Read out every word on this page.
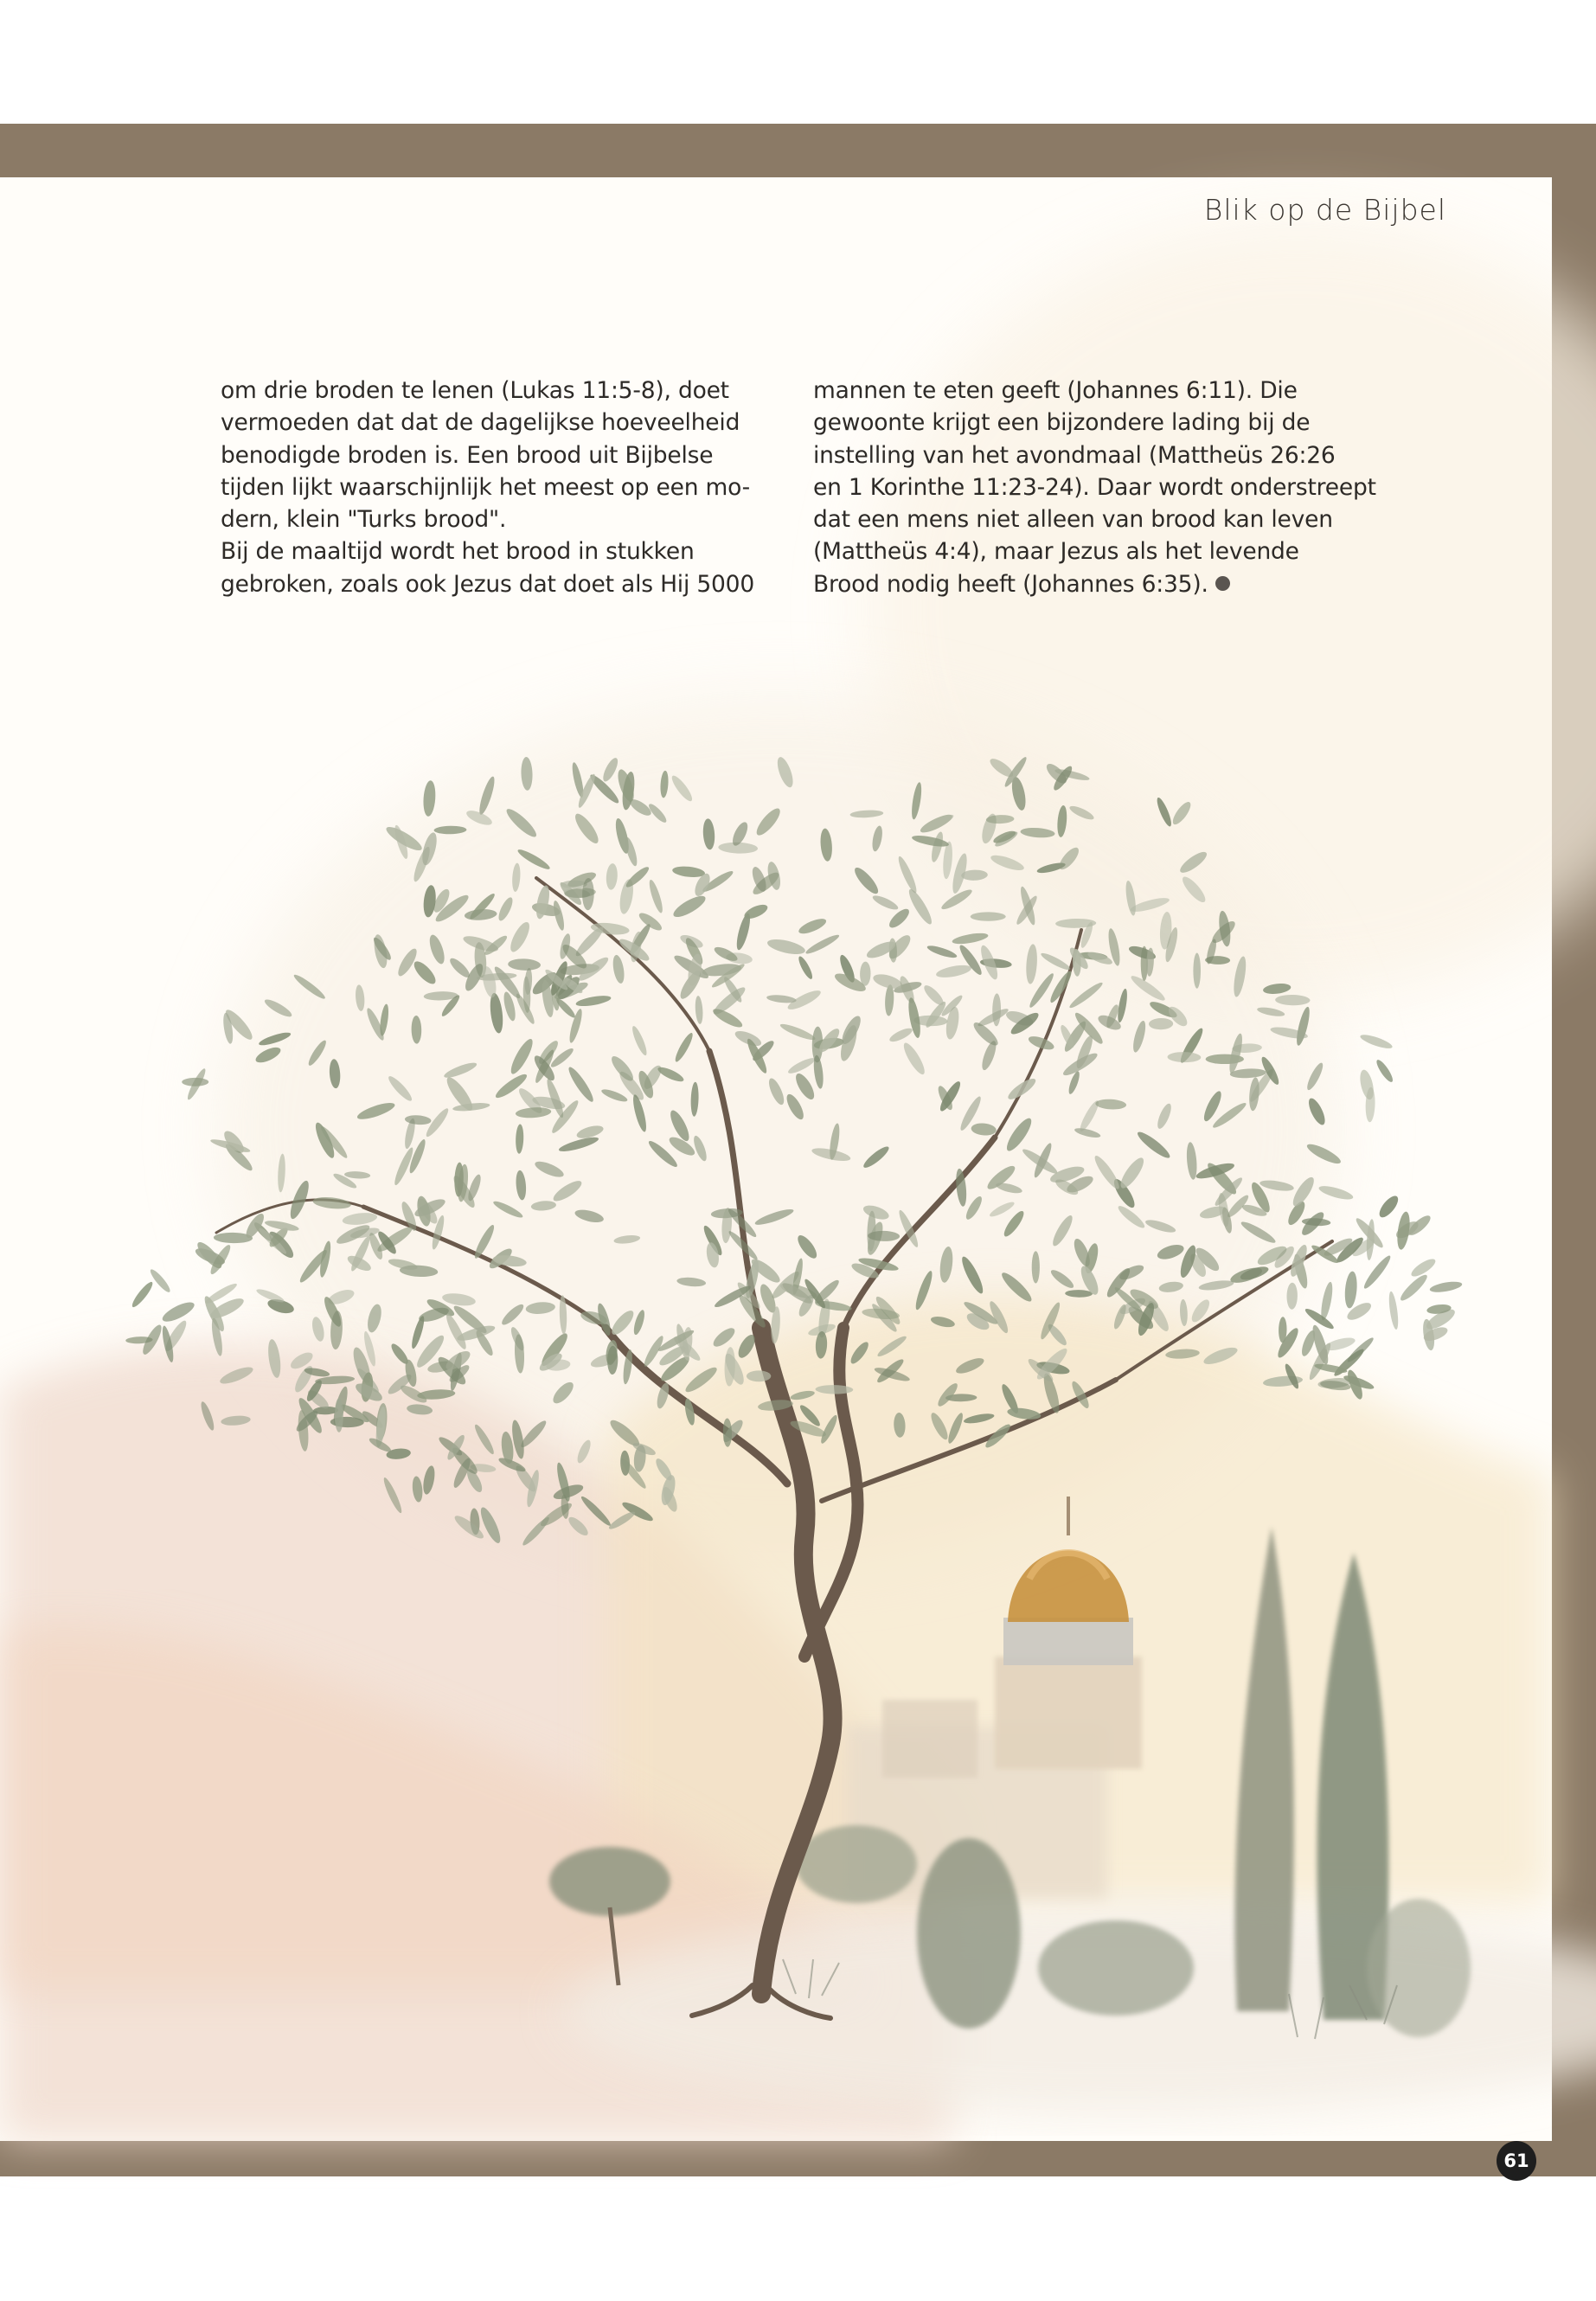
Blik op de Bijbel

om drie broden te lenen (Lukas 11:5-8), doet

vermoeden dat dat de dagelijkse hoeveelheid

benodigde broden is. Een brood uit Bijbelse

tijden lijkt waarschijnlijk het meest op een mo-

dern, klein "Turks brood".

Bij de maaltijd wordt het brood in stukken

gebroken, zoals ook Jezus dat doet als Hij 5000

mannen te eten geeft (Johannes 6:11). Die

gewoonte krijgt een bijzondere lading bij de

instelling van het avondmaal (Mattheüs 26:26

en 1 Korinthe 11:23-24). Daar wordt onderstreept

dat een mens niet alleen van brood kan leven

(Mattheüs 4:4), maar Jezus als het levende

Brood nodig heeft (Johannes 6:35).

61
